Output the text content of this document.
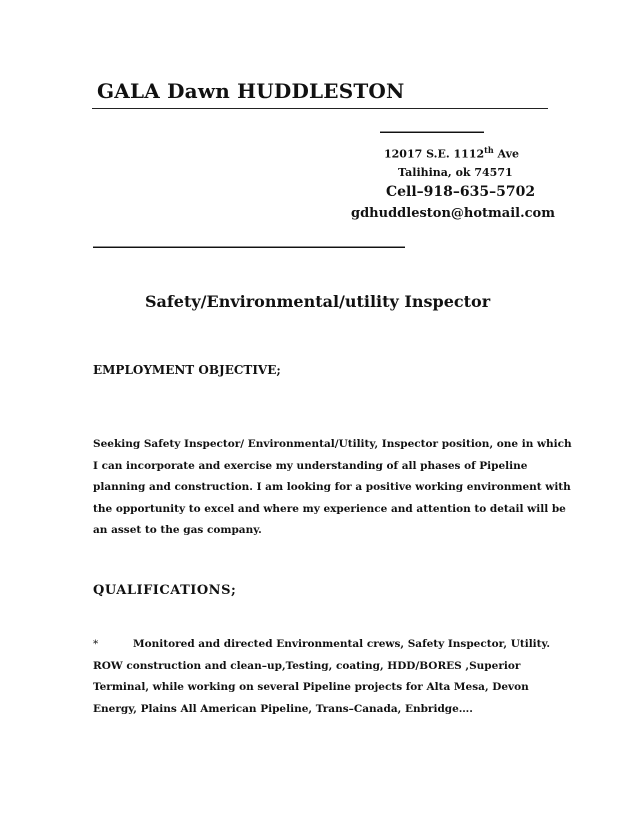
GALA Dawn HUDDLESTON
_____________
12017 S.E. 1112th Ave
Talihina, ok 74571
Cell–918–635–5702
gdhuddleston@hotmail.com
_______________________________________
Safety/Environmental/utility Inspector
EMPLOYMENT OBJECTIVE;
Seeking Safety Inspector/ Environmental/Utility, Inspector position, one in which
I can incorporate and exercise my understanding of all phases of Pipeline
planning and construction. I am looking for a positive working environment with
the opportunity to excel and where my experience and attention to detail will be
an asset to the gas company.
QUALIFICATIONS;
*	Monitored and directed Environmental crews, Safety Inspector, Utility.
ROW construction and clean–up,Testing, coating, HDD/BORES ,Superior
Terminal, while working on several Pipeline projects for Alta Mesa, Devon
Energy, Plains All American Pipeline, Trans–Canada, Enbridge….
